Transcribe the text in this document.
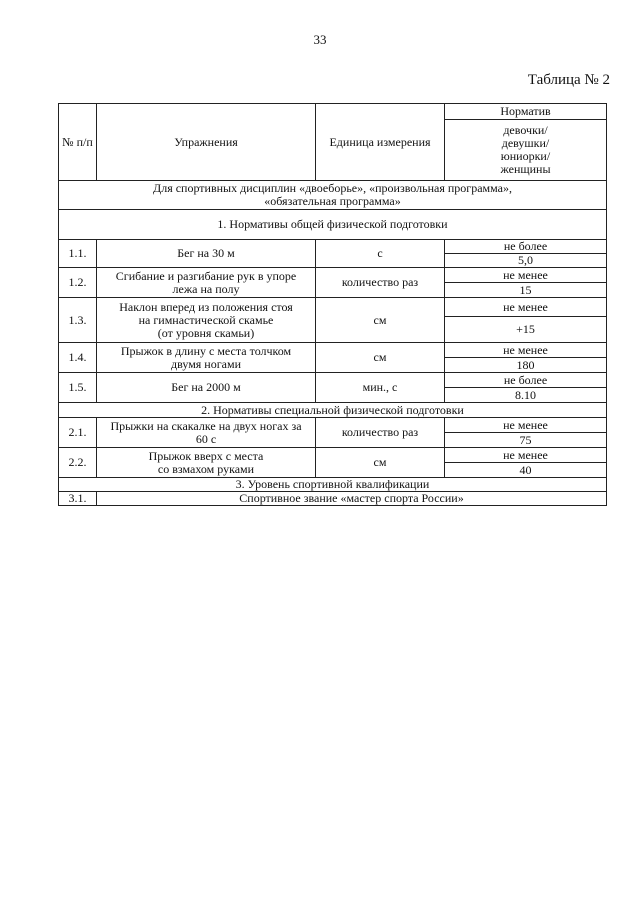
33
Таблица № 2
№ п/п	Упражнения	Единица измерения	Норматив

			девочки/
девушки/
юниорки/
женщины

Для спортивных дисциплин «двоеборье», «произвольная программа»,
«обязательная программа»			

1. Нормативы общей физической подготовки			
1.1.	Бег на 30 м	с	не более
			5,0
1.2.	Сгибание и разгибание рук в упоре
лежа на полу	количество раз	не менее
			15
1.3.	Наклон вперед из положения стоя
на гимнастической скамье
(от уровня скамьи)	см	не менее
			+15
1.4.	Прыжок в длину с места толчком
двумя ногами	см	не менее
			180
1.5.	Бег на 2000 м	мин., с	не более
			8.10
2. Нормативы специальной физической подготовки			
2.1.	Прыжки на скакалке на двух ногах за
60 с	количество раз	не менее
			75
2.2.	Прыжок вверх с места
со взмахом руками	см	не менее
			40
3. Уровень спортивной квалификации			
3.1.	Спортивное звание «мастер спорта России»		
